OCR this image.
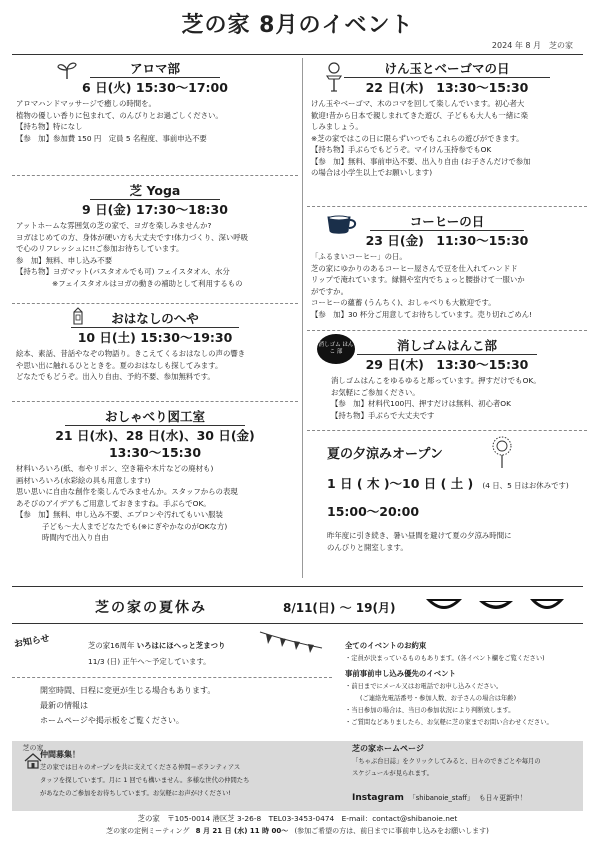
芝の家 8月のイベント
2024 年 8 月　芝の家
アロマ部
6 日(火) 15:30～17:00

アロマハンドマッサージで癒しの時間を。

植物の優しい香りに包まれて、のんびりとお過ごしください。

【持ち物】特になし

【参　加】参加費 150 円　定員 5 名程度、事前申込不要

芝 Yoga
9 日(金) 17:30～18:30

アットホームな雰囲気の芝の家で、ヨガを楽しみませんか?

ヨガはじめての方、身体が硬い方も大丈夫です!体力づくり、深い呼吸

で心のリフレッシュに!!ご参加お待ちしています。

参　加】無料、申し込み不要

【持ち物】ヨガマット(バスタオルでも可) フェイスタオル、水分

※フェイスタオルはヨガの動きの補助として利用するもの

おはなしのへや
10 日(土) 15:30～19:30

絵本、素話、昔話やなぞの物語り。きこえてくるおはなしの声の響き

や思い出に触れるひとときを。夏のおはなしも探してみます。

どなたでもどうぞ。出入り自由、予約不要、参加無料です。

おしゃべり図工室
21 日(水)、28 日(水)、30 日(金)
13:30～15:30

材料いろいろ(紙、布やリボン、空き箱や木片などの廃材も)

画材いろいろ(水彩絵の具も用意します!)

思い思いに自由な創作を楽しんでみませんか。スタッフからの表現

あそびのアイデアもご用意しておきますね。手ぶらでOK。

【参　加】無料、申し込み不要、エプロンや汚れてもいい服装

子ども～大人までどなたでも(※にぎやかなのがOKな方)

時間内で出入り自由

けん玉とベーゴマの日
22 日(木)　13:30～15:30

けん玉やベーゴマ、木のコマを回して楽しんでいます。初心者大

歓迎!昔から日本で親しまれてきた遊び、子どもも大人も一緒に楽

しみましょう。

※芝の家ではこの日に限らずいつでもこれらの遊びができます。

【持ち物】手ぶらでもどうぞ。マイけん玉持参でもOK

【参　加】無料、事前申込不要、出入り自由 (お子さんだけで参加

の場合は小学生以上でお願いします)

コーヒーの日
23 日(金)　11:30～15:30

「ふるまいコーヒー」の日。

芝の家にゆかりのあるコーヒー屋さんで豆を仕入れてハンドド

リップで淹れています。縁側や室内でちょっと腰掛けて一服いか

がですか。

コーヒーの蘊蓄 (うんちく)、おしゃべりも大歓迎です。

【参　加】30 杯分ご用意してお待ちしています。売り切れごめん!

消しゴム はんこ 部	消しゴムはんこ部
29 日(木)　13:30～15:30

消しゴムはんこをゆるゆると彫っています。押すだけでもOK。

お気軽にご参加ください。

【参　加】材料代100円、押すだけは無料、初心者OK

【持ち物】手ぶらで大丈夫です

夏の夕涼みオープン
1 日 ( 木 )～10 日 ( 土 ) (4 日、5 日はお休みです)
15:00～20:00

昨年度に引き続き、暑い昼間を避けて夏の夕涼み時間に

のんびりと開室します。

芝の家の夏休み	8/11(日) ～ 19(月)
お知らせ	芝の家16周年 いろはにほへっと芝まつり
11/3 (日) 正午へ～予定しています。
開室時間、日程に変更が生じる場合もあります。
最新の情報は
ホームページや掲示板をご覧ください。
全てのイベントのお約束
・定員が決まっているものもあります。(各イベント欄をご覧ください)
事前事前申し込み優先のイベント
・前日までにメール又はお電話でお申し込みください。
(ご連絡先電話番号・参加人数、お子さんの場合は年齢)
・当日参加の場合は、当日の参加状況により判断致します。
・ご質問などありましたら、お気軽に芝の家までお問い合わせください。
芝の家
仲間募集！
芝の家では日々のオープンを共に支えてくださる仲間＝ボランティアス
タッフを探しています。月に 1 回でも構いません。多様な世代の仲間たち
があなたのご参加をお待ちしています。お気軽にお声がけください!
芝の家ホームページ
「ちゃぶ台日誌」をクリックしてみると、日々のできごとや毎月の
スケジュールが見られます。
Instagram 「shibanoie_staff」 も日々更新中！
芝の家　〒105-0014 港区芝 3-26-8　TEL03-3453-0474　E-mail：contact@shibanoie.net
芝の家の定例ミーティング 8 月 21 日 (水) 11 時 00～ (参加ご希望の方は、前日までに事前申し込みをお願いします)
